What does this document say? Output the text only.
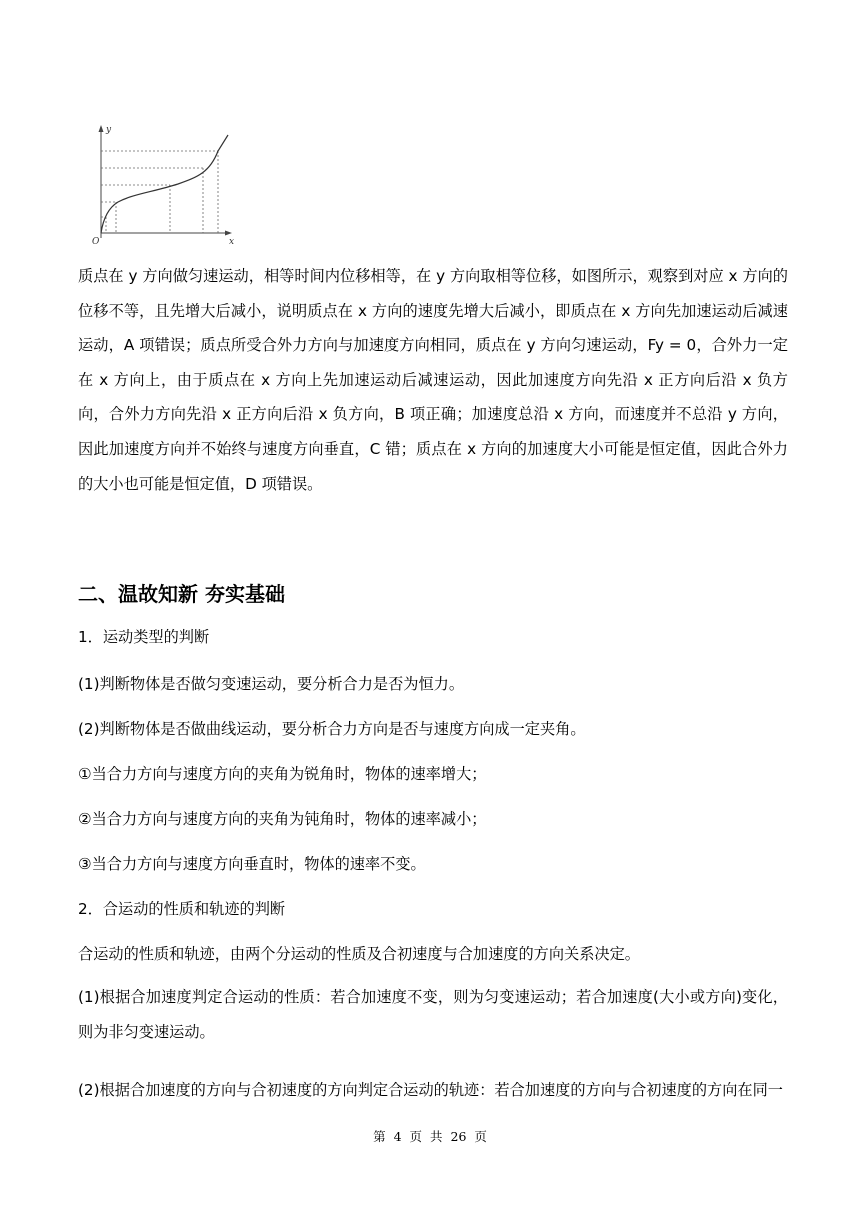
y
x
O
质点在 y 方向做匀速运动，相等时间内位移相等，在 y 方向取相等位移，如图所示，观察到对应 x 方向的位移不等，且先增大后减小，说明质点在 x 方向的速度先增大后减小，即质点在 x 方向先加速运动后减速运动，A 项错误；质点所受合外力方向与加速度方向相同，质点在 y 方向匀速运动，Fy = 0，合外力一定在 x 方向上，由于质点在 x 方向上先加速运动后减速运动，因此加速度方向先沿 x 正方向后沿 x 负方向，合外力方向先沿 x 正方向后沿 x 负方向，B 项正确；加速度总沿 x 方向，而速度并不总沿 y 方向，因此加速度方向并不始终与速度方向垂直，C 错；质点在 x 方向的加速度大小可能是恒定值，因此合外力的大小也可能是恒定值，D 项错误。
二、温故知新 夯实基础
1．运动类型的判断
(1)判断物体是否做匀变速运动，要分析合力是否为恒力。
(2)判断物体是否做曲线运动，要分析合力方向是否与速度方向成一定夹角。
①当合力方向与速度方向的夹角为锐角时，物体的速率增大；
②当合力方向与速度方向的夹角为钝角时，物体的速率减小；
③当合力方向与速度方向垂直时，物体的速率不变。
2．合运动的性质和轨迹的判断
合运动的性质和轨迹，由两个分运动的性质及合初速度与合加速度的方向关系决定。
(1)根据合加速度判定合运动的性质：若合加速度不变，则为匀变速运动；若合加速度(大小或方向)变化，则为非匀变速运动。
(2)根据合加速度的方向与合初速度的方向判定合运动的轨迹：若合加速度的方向与合初速度的方向在同一
第 4 页 共 26 页
